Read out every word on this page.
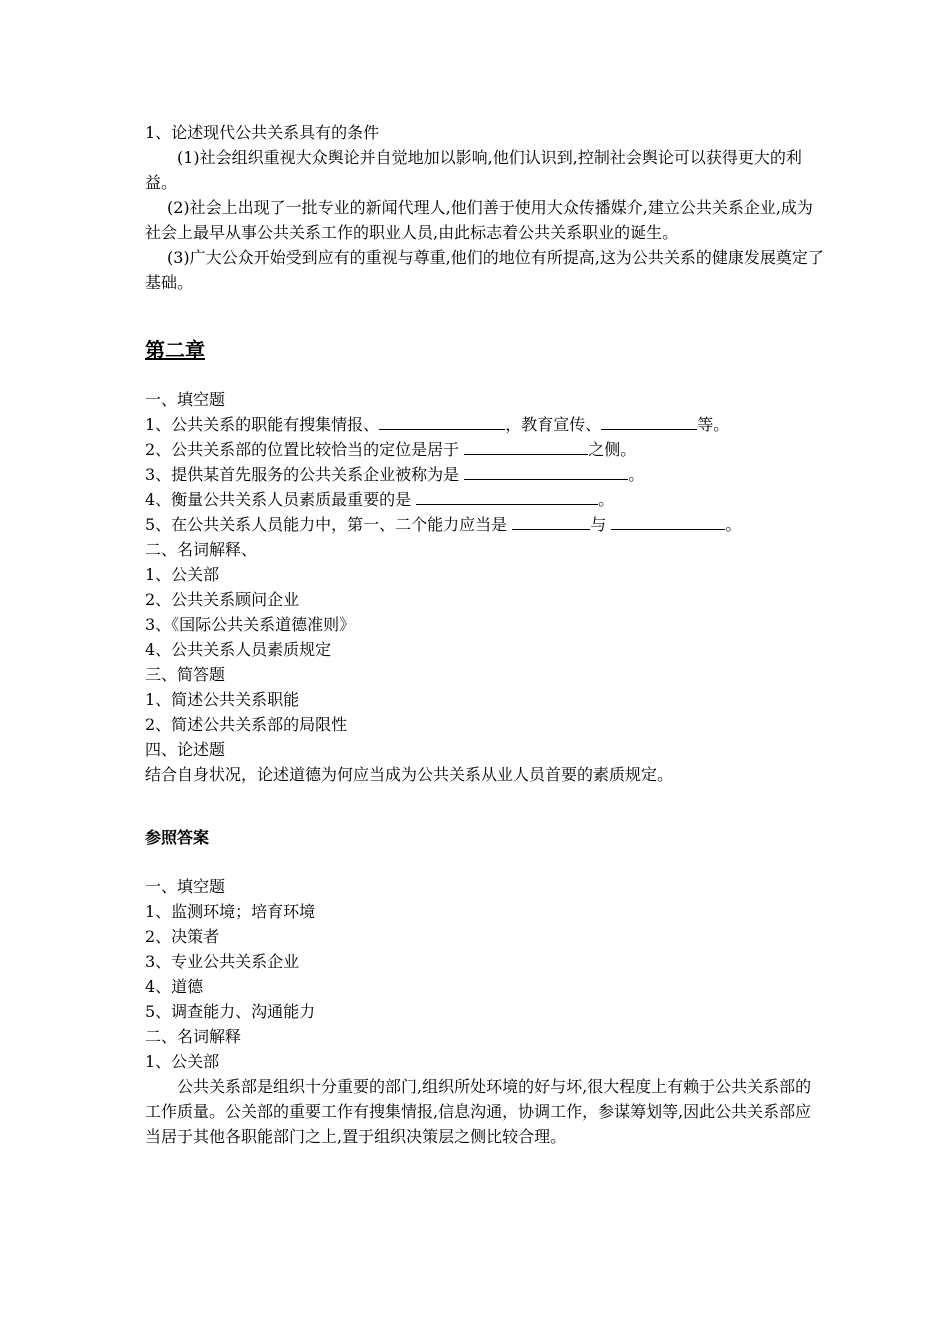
1、论述现代公共关系具有的条件
(1)社会组织重视大众舆论并自觉地加以影响,他们认识到,控制社会舆论可以获得更大的利益。
(2)社会上出现了一批专业的新闻代理人,他们善于使用大众传播媒介,建立公共关系企业,成为社会上最早从事公共关系工作的职业人员,由此标志着公共关系职业的诞生。
(3)广大公众开始受到应有的重视与尊重,他们的地位有所提高,这为公共关系的健康发展奠定了基础。
第二章
一、填空题
1、公共关系的职能有搜集情报、	，教育宣传、	等。
2、公共关系部的位置比较恰当的定位是居于	之侧。
3、提供某首先服务的公共关系企业被称为是	。
4、衡量公共关系人员素质最重要的是	。
5、在公共关系人员能力中，第一、二个能力应当是	与	。
二、名词解释、
1、公关部
2、公共关系顾问企业
3、《国际公共关系道德准则》
4、公共关系人员素质规定
三、简答题
1、简述公共关系职能
2、简述公共关系部的局限性
四、论述题
结合自身状况，论述道德为何应当成为公共关系从业人员首要的素质规定。
参照答案
一、填空题
1、监测环境；培育环境
2、决策者
3、专业公共关系企业
4、道德
5、调查能力、沟通能力
二、名词解释
1、公关部
公共关系部是组织十分重要的部门,组织所处环境的好与坏,很大程度上有赖于公共关系部的工作质量。公关部的重要工作有搜集情报,信息沟通，协调工作，参谋筹划等,因此公共关系部应当居于其他各职能部门之上,置于组织决策层之侧比较合理。
